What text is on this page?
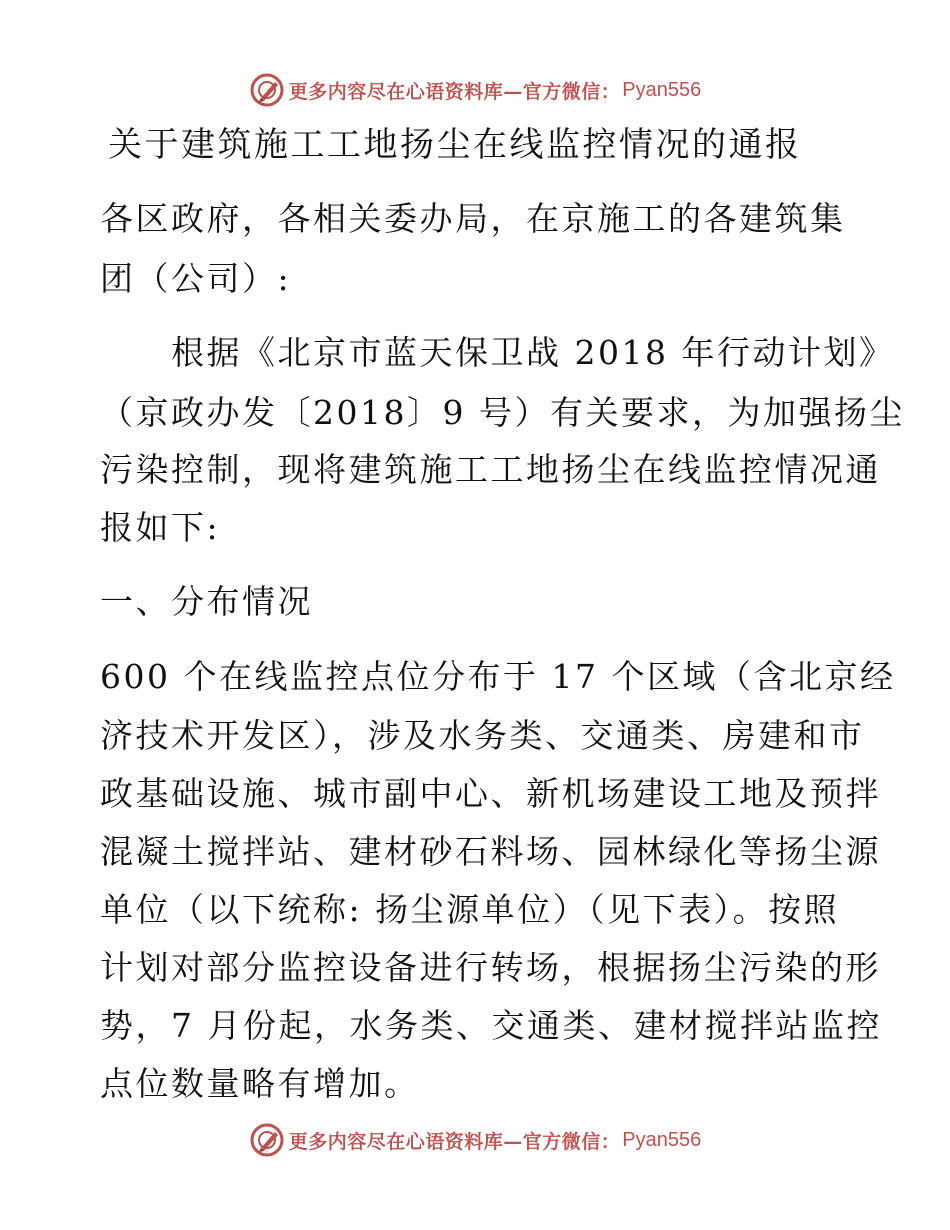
更多内容尽在心语资料库—官方微信： Pyan556
关于建筑施工工地扬尘在线监控情况的通报
各区政府，各相关委办局，在京施工的各建筑集
团（公司）:
　　根据《北京市蓝天保卫战 2018 年行动计划》
（京政办发〔2018〕9 号）有关要求，为加强扬尘
污染控制，现将建筑施工工地扬尘在线监控情况通
报如下:
一、分布情况
600 个在线监控点位分布于 17 个区域（含北京经
济技术开发区），涉及水务类、交通类、房建和市
政基础设施、城市副中心、新机场建设工地及预拌
混凝土搅拌站、建材砂石料场、园林绿化等扬尘源
单位（以下统称: 扬尘源单位）（见下表）。按照
计划对部分监控设备进行转场，根据扬尘污染的形
势，7 月份起，水务类、交通类、建材搅拌站监控
点位数量略有增加。
更多内容尽在心语资料库—官方微信： Pyan556
